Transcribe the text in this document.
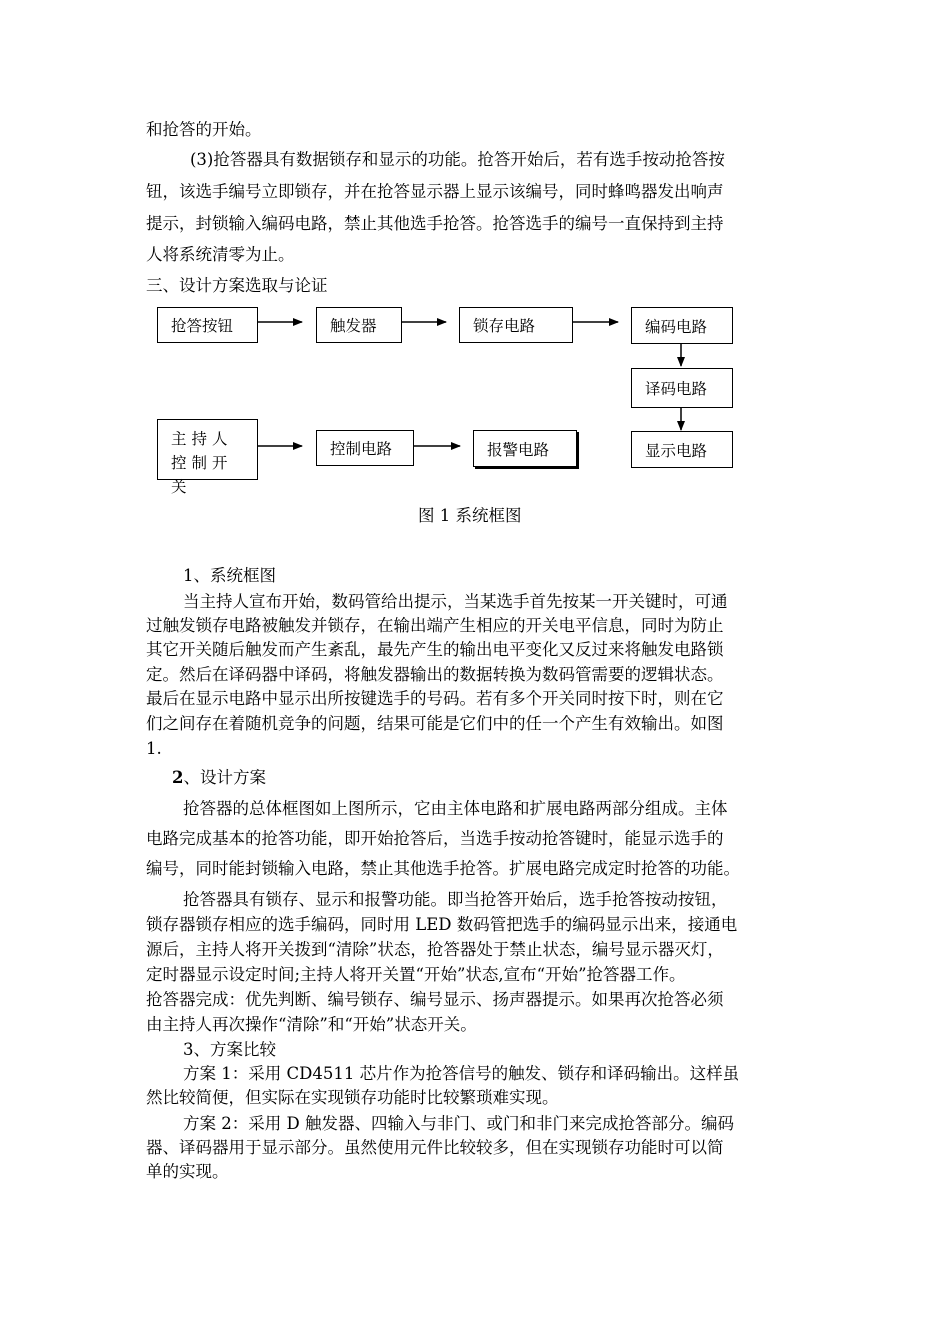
和抢答的开始。
(3)抢答器具有数据锁存和显示的功能。抢答开始后，若有选手按动抢答按
钮，该选手编号立即锁存，并在抢答显示器上显示该编号，同时蜂鸣器发出响声
提示，封锁输入编码电路，禁止其他选手抢答。抢答选手的编号一直保持到主持
人将系统清零为止。
三、设计方案选取与论证
抢答按钮	触发器	锁存电路	编码电路
译码电路
显示电路
主持人控制开关
控制电路	报警电路
图 1 系统框图
1、系统框图
当主持人宣布开始，数码管给出提示，当某选手首先按某一开关键时，可通
过触发锁存电路被触发并锁存，在输出端产生相应的开关电平信息，同时为防止
其它开关随后触发而产生紊乱，最先产生的输出电平变化又反过来将触发电路锁
定。然后在译码器中译码，将触发器输出的数据转换为数码管需要的逻辑状态。
最后在显示电路中显示出所按键选手的号码。若有多个开关同时按下时，则在它
们之间存在着随机竞争的问题，结果可能是它们中的任一个产生有效输出。如图
1.
2、设计方案
抢答器的总体框图如上图所示，它由主体电路和扩展电路两部分组成。主体
电路完成基本的抢答功能，即开始抢答后，当选手按动抢答键时，能显示选手的
编号，同时能封锁输入电路，禁止其他选手抢答。扩展电路完成定时抢答的功能。
抢答器具有锁存、显示和报警功能。即当抢答开始后，选手抢答按动按钮，
锁存器锁存相应的选手编码，同时用 LED 数码管把选手的编码显示出来，接通电
源后，主持人将开关拨到“清除”状态，抢答器处于禁止状态，编号显示器灭灯，
定时器显示设定时间;主持人将开关置“开始”状态,宣布“开始”抢答器工作。
抢答器完成：优先判断、编号锁存、编号显示、扬声器提示。如果再次抢答必须
由主持人再次操作“清除”和“开始”状态开关。
3、方案比较
方案 1：采用 CD4511 芯片作为抢答信号的触发、锁存和译码输出。这样虽
然比较简便，但实际在实现锁存功能时比较繁琐难实现。
方案 2：采用 D 触发器、四输入与非门、或门和非门来完成抢答部分。编码
器、译码器用于显示部分。虽然使用元件比较较多，但在实现锁存功能时可以简
单的实现。
